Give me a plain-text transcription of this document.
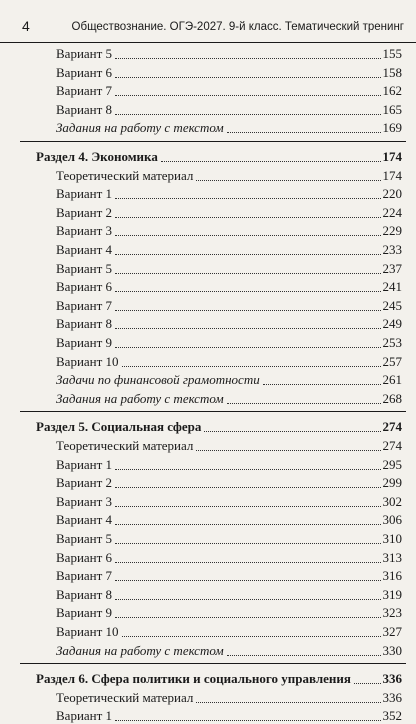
4	Обществознание. ОГЭ-2027. 9-й класс. Тематический тренинг
Вариант 5	155
Вариант 6	158
Вариант 7	162
Вариант 8	165
Задания на работу с текстом	169
Раздел 4. Экономика	174
Теоретический материал	174
Вариант 1	220
Вариант 2	224
Вариант 3	229
Вариант 4	233
Вариант 5	237
Вариант 6	241
Вариант 7	245
Вариант 8	249
Вариант 9	253
Вариант 10	257
Задачи по финансовой грамотности	261
Задания на работу с текстом	268
Раздел 5. Социальная сфера	274
Теоретический материал	274
Вариант 1	295
Вариант 2	299
Вариант 3	302
Вариант 4	306
Вариант 5	310
Вариант 6	313
Вариант 7	316
Вариант 8	319
Вариант 9	323
Вариант 10	327
Задания на работу с текстом	330
Раздел 6. Сфера политики и социального управления 336
Теоретический материал	336
Вариант 1	352
